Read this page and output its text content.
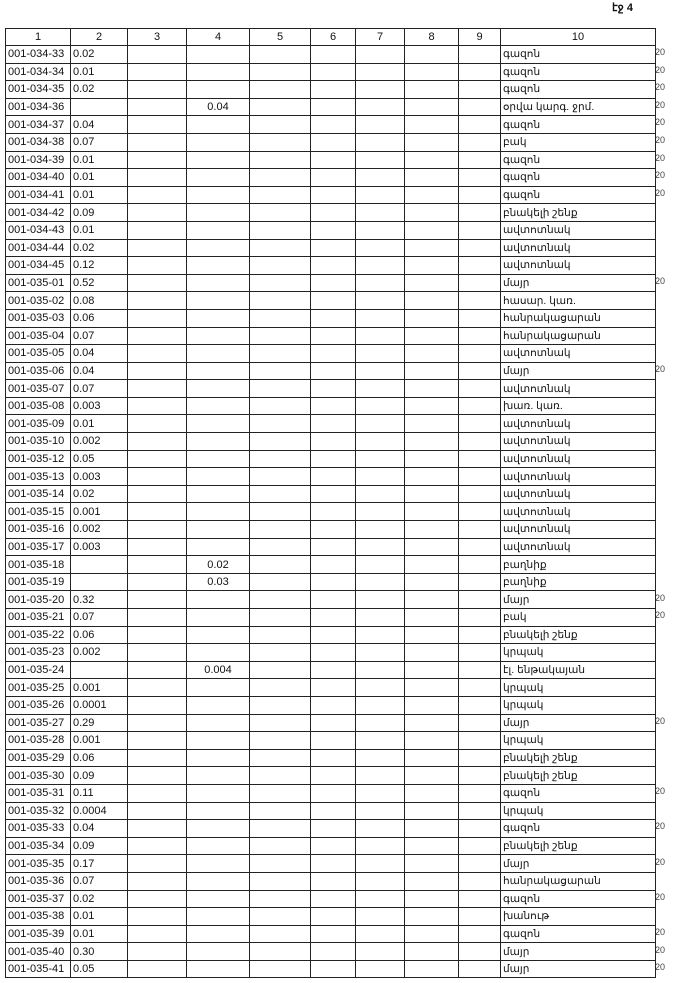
էջ 4
1	2	3	4	5	6	7	8	9	10
001-034-33	0.02								գազոն
001-034-34	0.01								գազոն
001-034-35	0.02								գազոն
001-034-36			0.04						օրվա կարգ. ջրմ.
001-034-37	0.04								գազոն
001-034-38	0.07								բակ
001-034-39	0.01								գազոն
001-034-40	0.01								գազոն
001-034-41	0.01								գազոն
001-034-42	0.09								բնակելի շենք
001-034-43	0.01								ավտոտնակ
001-034-44	0.02								ավտոտնակ
001-034-45	0.12								ավտոտնակ
001-035-01	0.52								մայր
001-035-02	0.08								հասար. կառ.
001-035-03	0.06								հանրակացարան
001-035-04	0.07								հանրակացարան
001-035-05	0.04								ավտոտնակ
001-035-06	0.04								մայր
001-035-07	0.07								ավտոտնակ
001-035-08	0.003								խառ. կառ.
001-035-09	0.01								ավտոտնակ
001-035-10	0.002								ավտոտնակ
001-035-12	0.05								ավտոտնակ
001-035-13	0.003								ավտոտնակ
001-035-14	0.02								ավտոտնակ
001-035-15	0.001								ավտոտնակ
001-035-16	0.002								ավտոտնակ
001-035-17	0.003								ավտոտնակ
001-035-18			0.02						բաղնիք
001-035-19			0.03						բաղնիք
001-035-20	0.32								մայր
001-035-21	0.07								բակ
001-035-22	0.06								բնակելի շենք
001-035-23	0.002								կրպակ
001-035-24			0.004						էլ. ենթակայան
001-035-25	0.001								կրպակ
001-035-26	0.0001								կրպակ
001-035-27	0.29								մայր
001-035-28	0.001								կրպակ
001-035-29	0.06								բնակելի շենք
001-035-30	0.09								բնակելի շենք
001-035-31	0.11								գազոն
001-035-32	0.0004								կրպակ
001-035-33	0.04								գազոն
001-035-34	0.09								բնակելի շենք
001-035-35	0.17								մայր
001-035-36	0.07								հանրակացարան
001-035-37	0.02								գազոն
001-035-38	0.01								խանութ
001-035-39	0.01								գազոն
001-035-40	0.30								մայր
001-035-41	0.05								մայր
20
20
20
20
20
20
20
20
20
20
20
20
20
20
20
20
20
20
20
20
20
